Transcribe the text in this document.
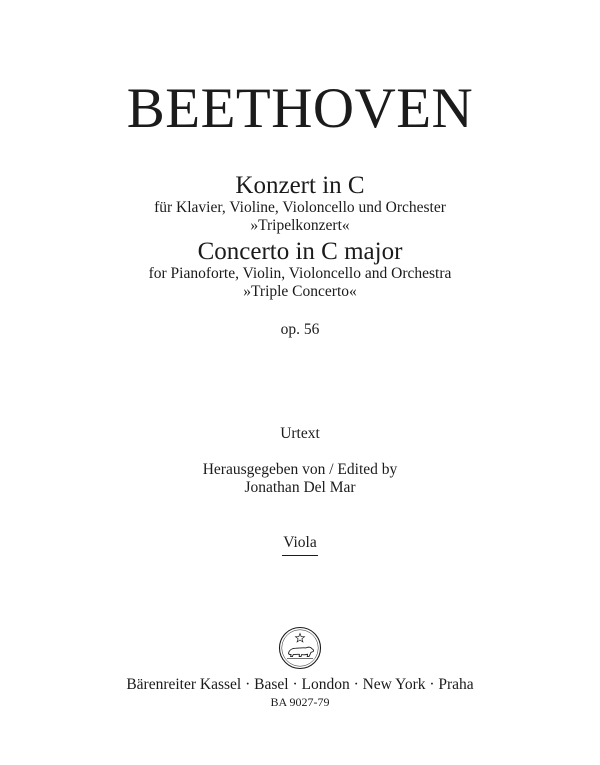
BEETHOVEN
Konzert in C
für Klavier, Violine, Violoncello und Orchester
»Tripelkonzert«
Concerto in C major
for Pianoforte, Violin, Violoncello and Orchestra
»Triple Concerto«
op. 56
Urtext
Herausgegeben von / Edited by
Jonathan Del Mar
Viola
Bärenreiter Kassel · Basel · London · New York · Praha
BA 9027-79
